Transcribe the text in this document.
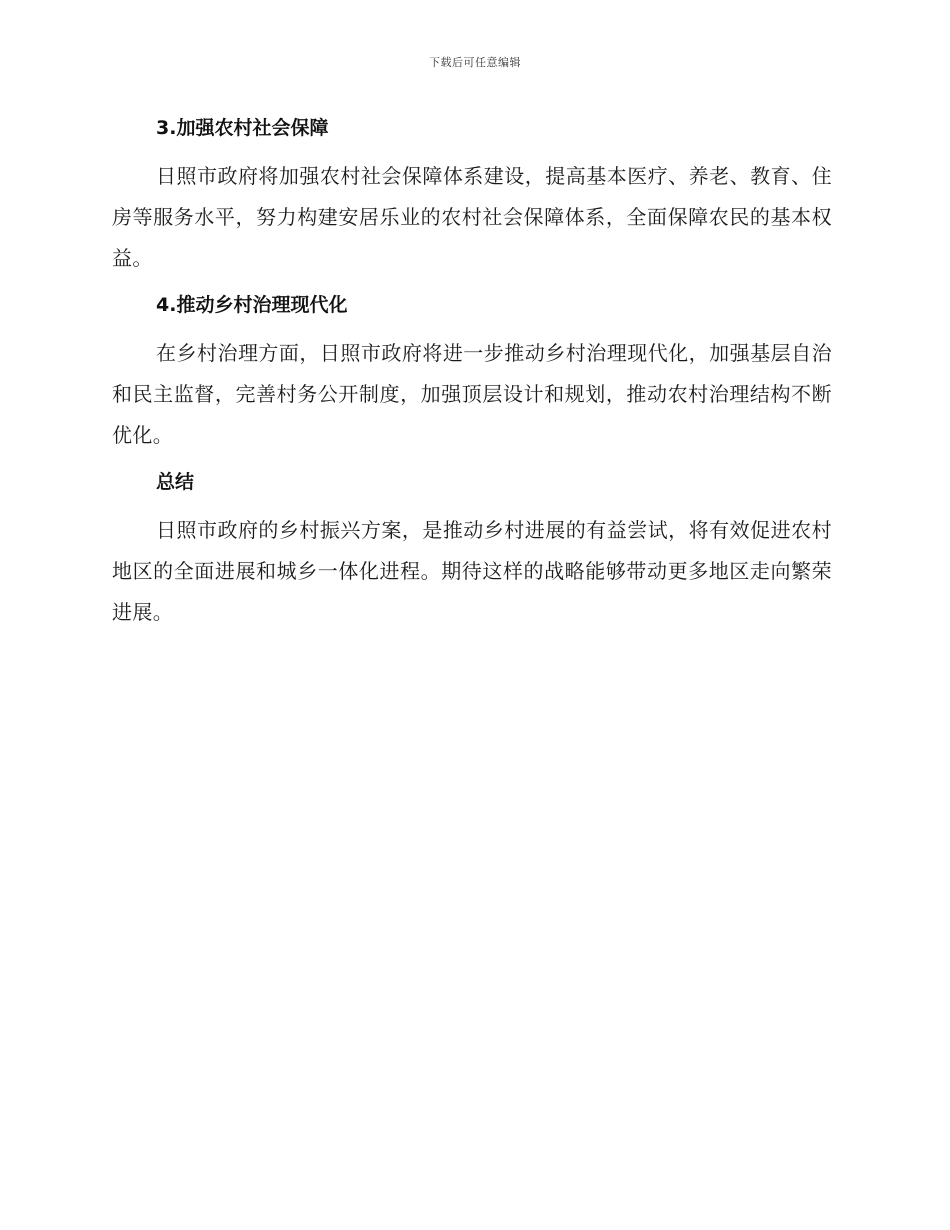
下载后可任意编辑
3.加强农村社会保障

日照市政府将加强农村社会保障体系建设，提高基本医疗、养老、教育、住房等服务水平，努力构建安居乐业的农村社会保障体系，全面保障农民的基本权益。

4.推动乡村治理现代化

在乡村治理方面，日照市政府将进一步推动乡村治理现代化，加强基层自治和民主监督，完善村务公开制度，加强顶层设计和规划，推动农村治理结构不断优化。

总结

日照市政府的乡村振兴方案，是推动乡村进展的有益尝试，将有效促进农村地区的全面进展和城乡一体化进程。期待这样的战略能够带动更多地区走向繁荣进展。
